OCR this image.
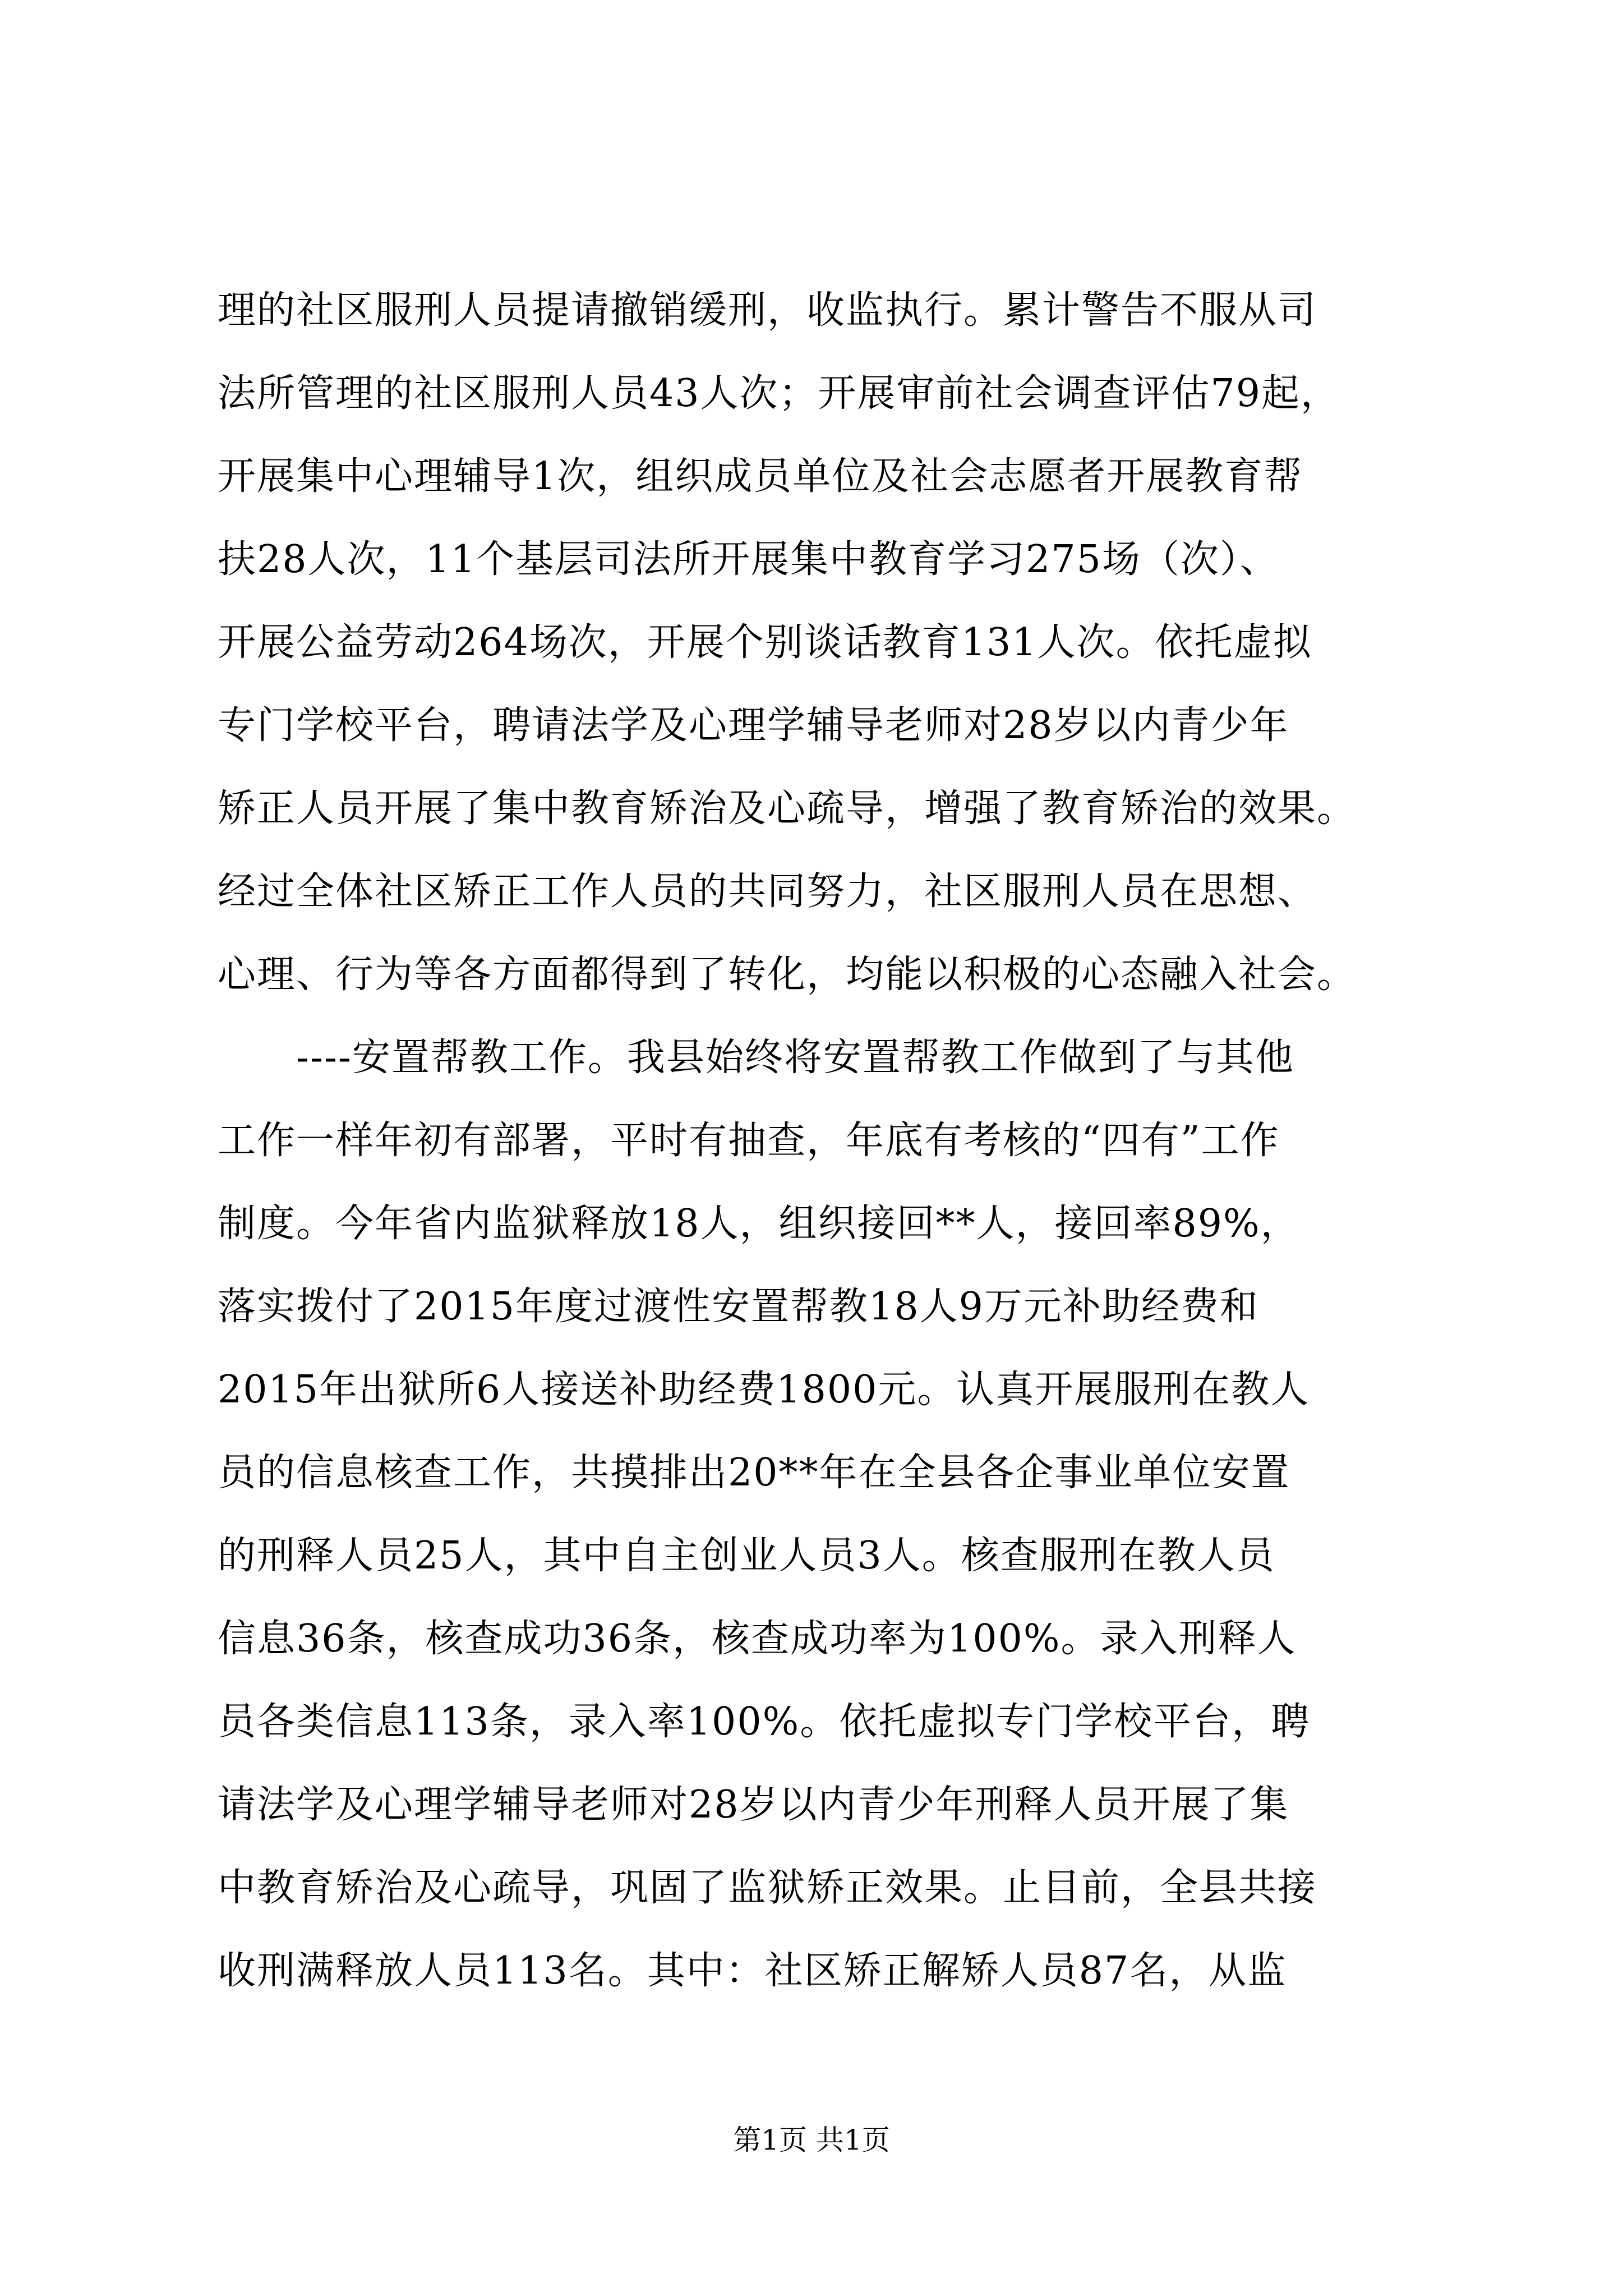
理的社区服刑人员提请撤销缓刑，收监执行。累计警告不服从司
法所管理的社区服刑人员43人次；开展审前社会调查评估79起，
开展集中心理辅导1次，组织成员单位及社会志愿者开展教育帮
扶28人次，11个基层司法所开展集中教育学习275场（次）、
开展公益劳动264场次，开展个别谈话教育131人次。依托虚拟
专门学校平台，聘请法学及心理学辅导老师对28岁以内青少年
矫正人员开展了集中教育矫治及心疏导，增强了教育矫治的效果。
经过全体社区矫正工作人员的共同努力，社区服刑人员在思想、
心理、行为等各方面都得到了转化，均能以积极的心态融入社会。
　　----安置帮教工作。我县始终将安置帮教工作做到了与其他
工作一样年初有部署，平时有抽查，年底有考核的“四有”工作
制度。今年省内监狱释放18人，组织接回**人，接回率89%，
落实拨付了2015年度过渡性安置帮教18人9万元补助经费和
2015年出狱所6人接送补助经费1800元。认真开展服刑在教人
员的信息核查工作，共摸排出20**年在全县各企事业单位安置
的刑释人员25人，其中自主创业人员3人。核查服刑在教人员
信息36条，核查成功36条，核查成功率为100%。录入刑释人
员各类信息113条，录入率100%。依托虚拟专门学校平台，聘
请法学及心理学辅导老师对28岁以内青少年刑释人员开展了集
中教育矫治及心疏导，巩固了监狱矫正效果。止目前，全县共接
收刑满释放人员113名。其中：社区矫正解矫人员87名，从监
第1页 共1页
